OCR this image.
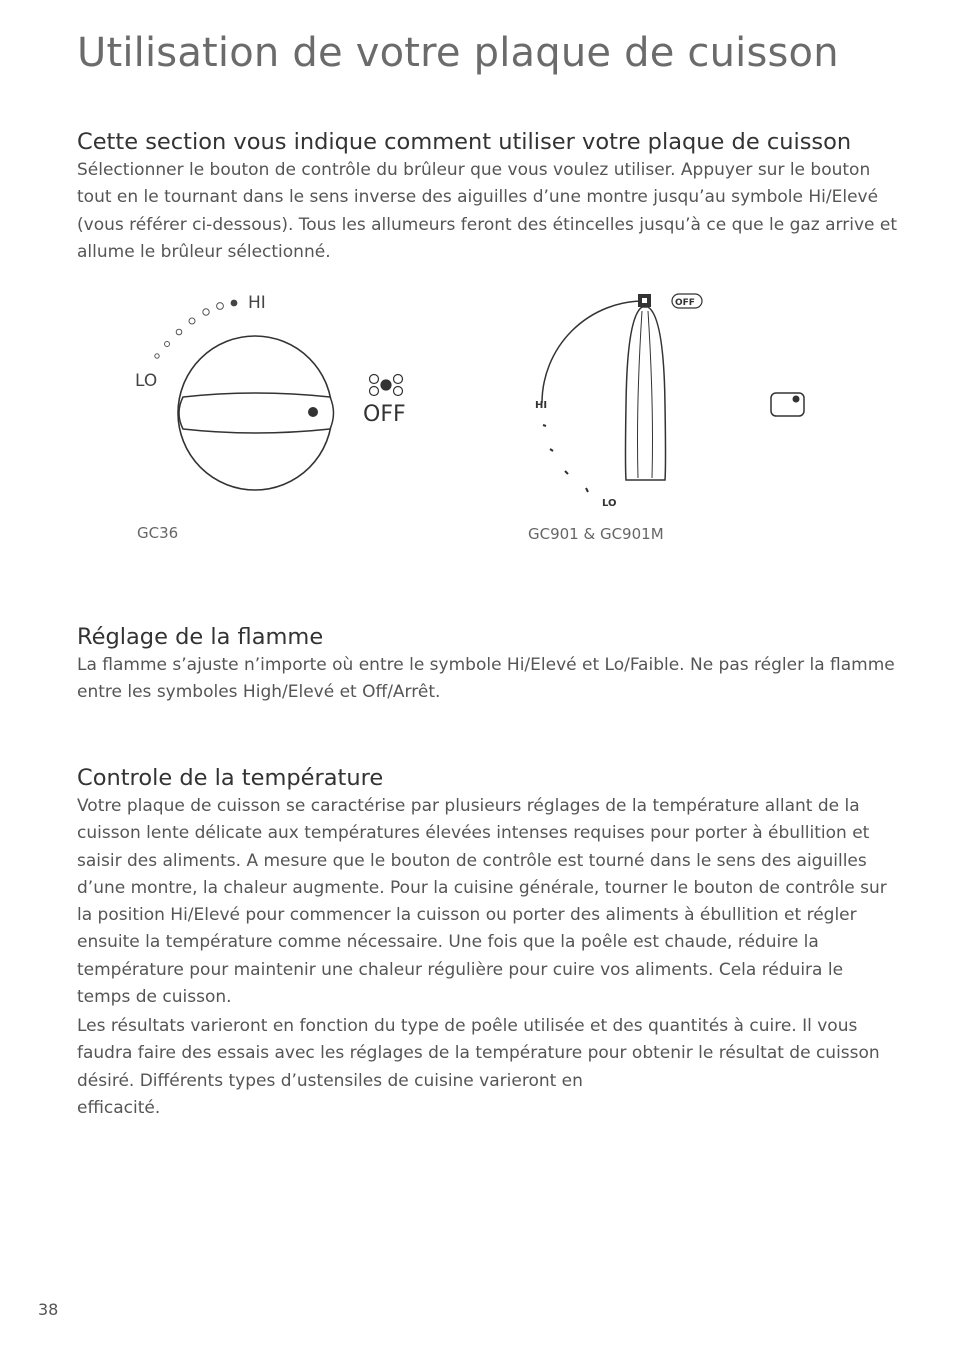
Utilisation de votre plaque de cuisson
Cette section vous indique comment utiliser votre plaque de cuisson

Sélectionner le bouton de contrôle du brûleur que vous voulez utiliser. Appuyer sur le bouton tout en le tournant dans le sens inverse des aiguilles d’une montre jusqu’au symbole Hi/Elevé (vous référer ci-dessous). Tous les allumeurs feront des étincelles jusqu’à ce que le gaz arrive et allume le brûleur sélectionné.

HI
LO
OFF

GC36

OFF
HI
LO

GC901 & GC901M

Réglage de la flamme

La flamme s’ajuste n’importe où entre le symbole Hi/Elevé et Lo/Faible. Ne pas régler la flamme entre les symboles High/Elevé et Off/Arrêt.

Controle de la température

Votre plaque de cuisson se caractérise par plusieurs réglages de la température allant de la cuisson lente délicate aux températures élevées intenses requises pour porter à ébullition et saisir des aliments. A mesure que le bouton de contrôle est tourné dans le sens des aiguilles d’une montre, la chaleur augmente. Pour la cuisine générale, tourner le bouton de contrôle sur la position Hi/Elevé pour commencer la cuisson ou porter des aliments à ébullition et régler ensuite la température comme nécessaire. Une fois que la poêle est chaude, réduire la température pour maintenir une chaleur régulière pour cuire vos aliments. Cela réduira le temps de cuisson.

Les résultats varieront en fonction du type de poêle utilisée et des quantités à cuire. Il vous faudra faire des essais avec les réglages de la température pour obtenir le résultat de cuisson désiré. Différents types d’ustensiles de cuisine varieront en

efficacité.

38
